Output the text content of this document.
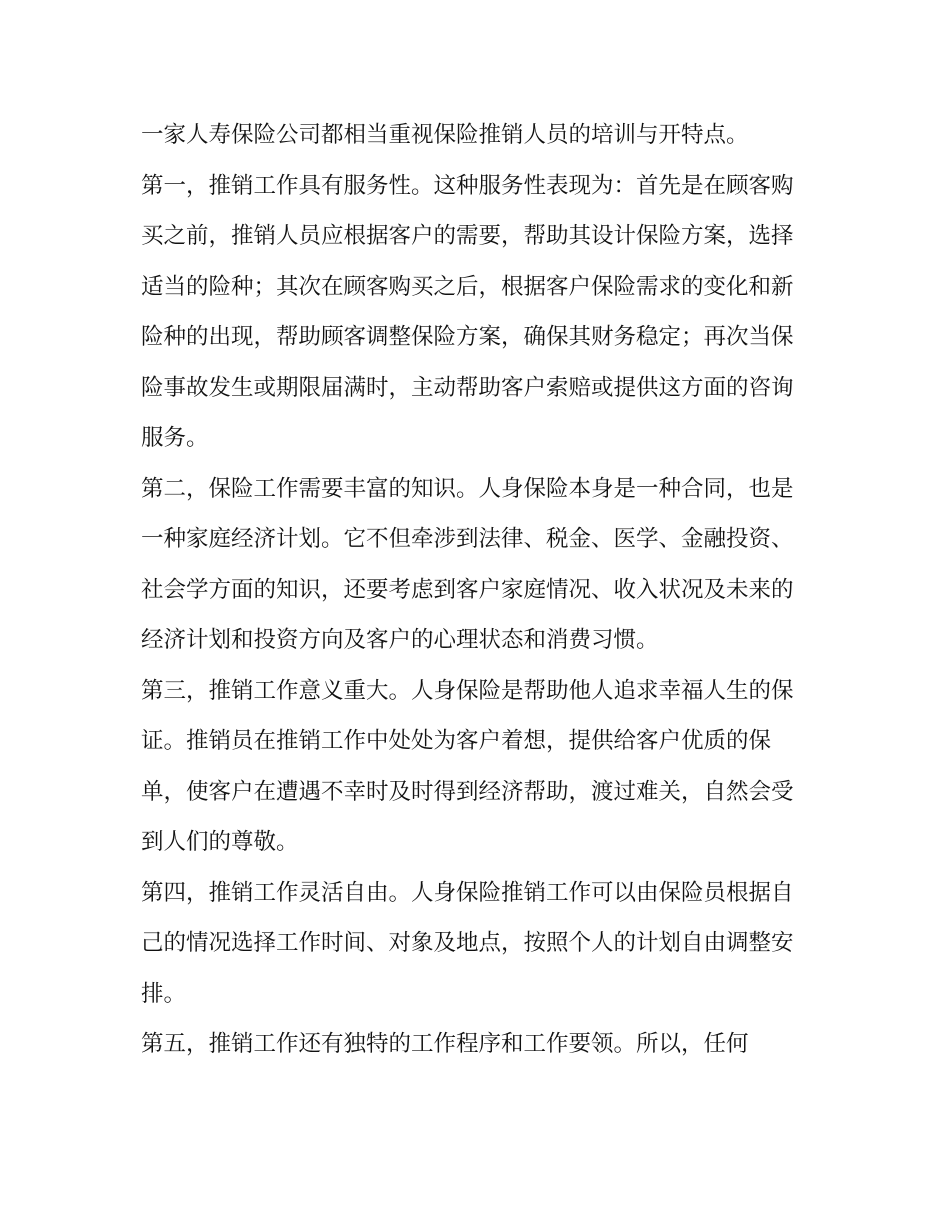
一家人寿保险公司都相当重视保险推销人员的培训与开特点。

第一，推销工作具有服务性。这种服务性表现为：首先是在顾客购买之前，推销人员应根据客户的需要，帮助其设计保险方案，选择适当的险种；其次在顾客购买之后，根据客户保险需求的变化和新险种的出现，帮助顾客调整保险方案，确保其财务稳定；再次当保险事故发生或期限届满时，主动帮助客户索赔或提供这方面的咨询服务。

第二，保险工作需要丰富的知识。人身保险本身是一种合同，也是一种家庭经济计划。它不但牵涉到法律、税金、医学、金融投资、社会学方面的知识，还要考虑到客户家庭情况、收入状况及未来的经济计划和投资方向及客户的心理状态和消费习惯。

第三，推销工作意义重大。人身保险是帮助他人追求幸福人生的保证。推销员在推销工作中处处为客户着想，提供给客户优质的保单，使客户在遭遇不幸时及时得到经济帮助，渡过难关，自然会受到人们的尊敬。

第四，推销工作灵活自由。人身保险推销工作可以由保险员根据自己的情况选择工作时间、对象及地点，按照个人的计划自由调整安排。

第五，推销工作还有独特的工作程序和工作要领。所以，任何
